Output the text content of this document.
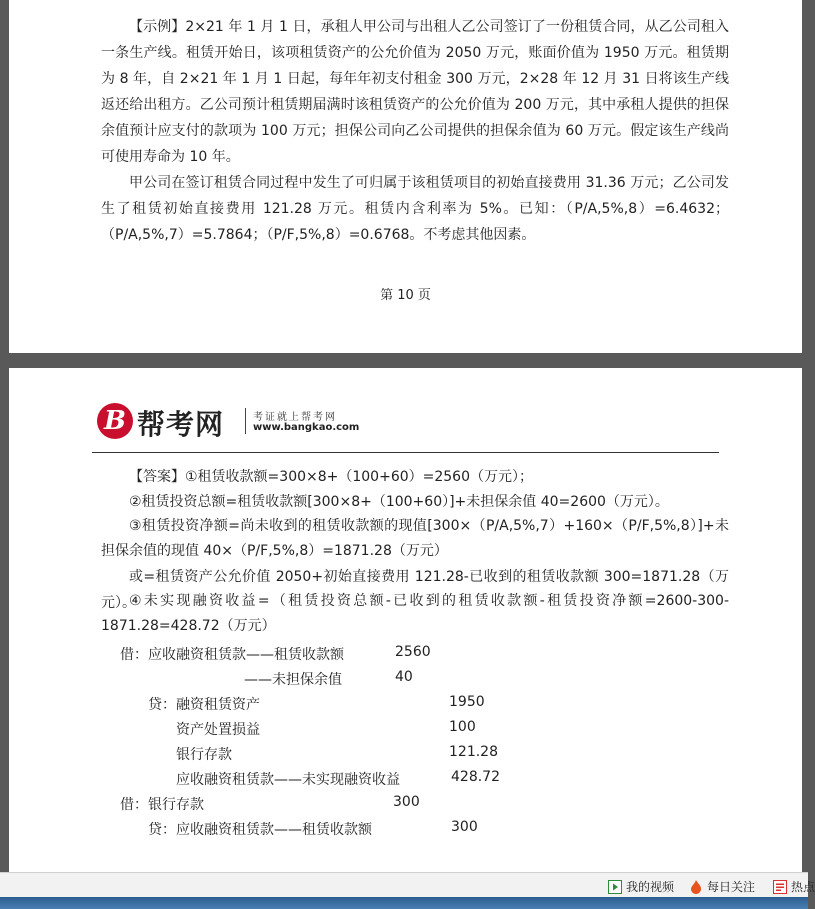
【示例】2×21 年 1 月 1 日，承租人甲公司与出租人乙公司签订了一份租赁合同，从乙公司租入一条生产线。租赁开始日，该项租赁资产的公允价值为 2050 万元，账面价值为 1950 万元。租赁期为 8 年，自 2×21 年 1 月 1 日起，每年年初支付租金 300 万元，2×28 年 12 月 31 日将该生产线返还给出租方。乙公司预计租赁期届满时该租赁资产的公允价值为 200 万元，其中承租人提供的担保余值预计应支付的款项为 100 万元；担保公司向乙公司提供的担保余值为 60 万元。假定该生产线尚可使用寿命为 10 年。

甲公司在签订租赁合同过程中发生了可归属于该租赁项目的初始直接费用 31.36 万元；乙公司发生了租赁初始直接费用 121.28 万元。租赁内含利率为 5%。已知：（P/A,5%,8）=6.4632；（P/A,5%,7）=5.7864；（P/F,5%,8）=0.6768。不考虑其他因素。

第 10 页
B 帮考网	考证就上帮考网
www.bangkao.com

【答案】①租赁收款额=300×8+（100+60）=2560（万元）；

②租赁投资总额=租赁收款额[300×8+（100+60）]+未担保余值 40=2600（万元）。

③租赁投资净额=尚未收到的租赁收款额的现值[300×（P/A,5%,7）+160×（P/F,5%,8）]+未担保余值的现值 40×（P/F,5%,8）=1871.28（万元）

或=租赁资产公允价值 2050+初始直接费用 121.28-已收到的租赁收款额 300=1871.28（万元）。

④未实现融资收益=（租赁投资总额-已收到的租赁收款额-租赁投资净额=2600-300-1871.28=428.72（万元）

借：应收融资租赁款——租赁收款额	2560
——未担保余值	40
贷：融资租赁资产	1950
资产处置损益	100
银行存款	121.28
应收融资租赁款——未实现融资收益	428.72
借：银行存款	300
贷：应收融资租赁款——租赁收款额	300
我的视频	每日关注	热点
